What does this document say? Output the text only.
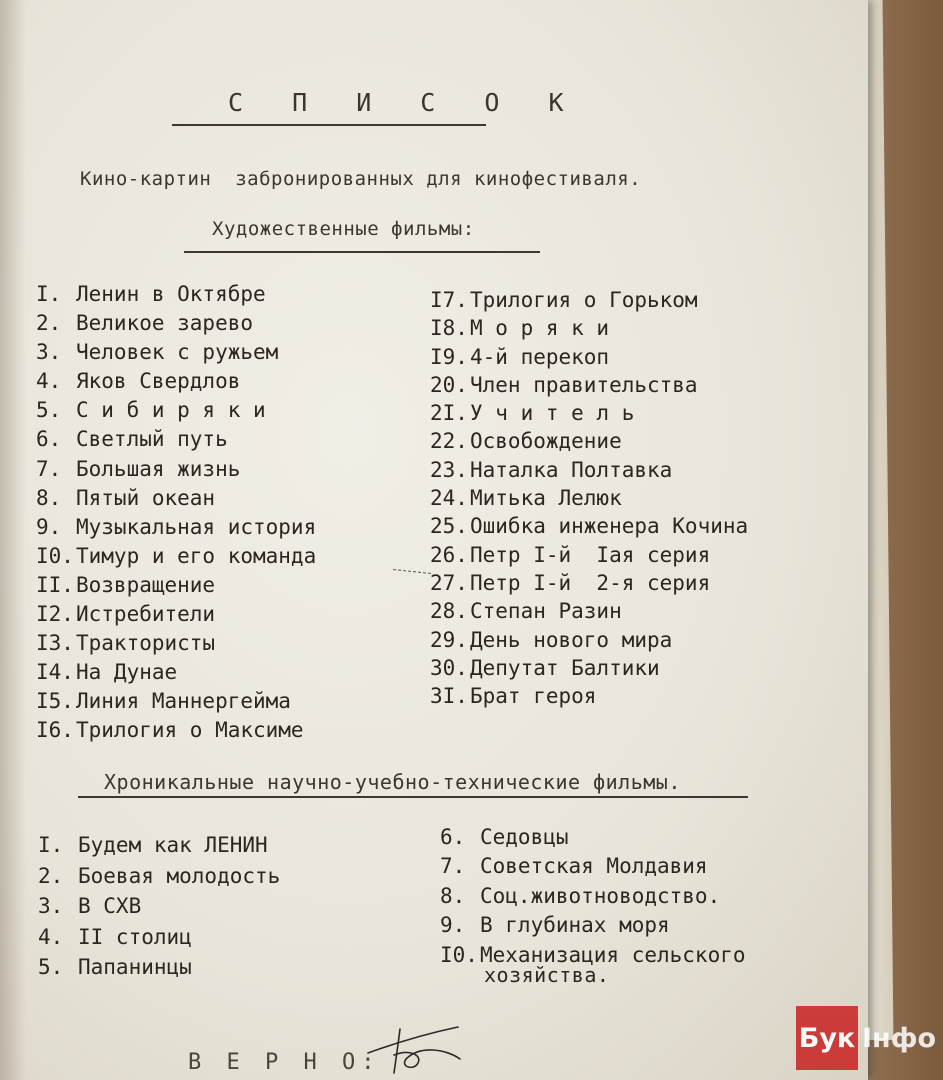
С П И С О К
Кино-картин  забронированных для кинофестиваля.
Художественные фильмы:
I. Ленин в Октябре
2. Великое зарево
3. Человек с ружьем
4. Яков Свердлов
5. С и б и р я к и
6. Светлый путь
7. Большая жизнь
8. Пятый океан
9. Музыкальная история
I0.Тимур и его команда
II.Возвращение
I2.Истребители
I3.Трактористы
I4.На Дунае
I5.Линия Маннергейма
I6.Трилогия о Максиме
I7.Трилогия о Горьком
I8.М о р я к и
I9.4-й перекоп
20.Член правительства
2I.У ч и т е л ь
22.Освобождение
23.Наталка Полтавка
24.Митька Лелюк
25.Ошибка инженера Кочина
26.Петр I-й  Iая серия
27.Петр I-й  2-я серия
28.Степан Разин
29.День нового мира
30.Депутат Балтики
3I.Брат героя
Хроникальные научно-учебно-технические фильмы.
I. Будем как ЛЕНИН
2. Боевая молодость
3. В СХВ
4. II столиц
5. Папанинцы
6. Седовцы
7. Советская Молдавия
8. Соц.животноводство.
9. В глубинах моря
I0.Механизация сельского
хозяйства.
В Е Р Н О:
Бук Інфо
